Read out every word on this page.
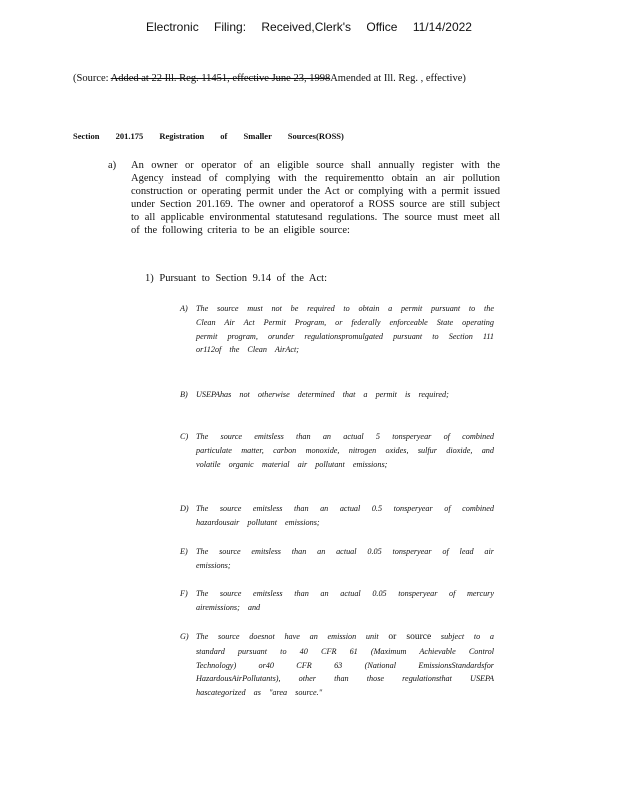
Electronic Filing: Received,Clerk's Office 11/14/2022
(Source: Added at 22 Ill. Reg. 11451, effective June 23, 1998Amended at Ill. Reg. , effective)
Section 201.175 Registration of Smaller Sources(ROSS)
a) An owner or operator of an eligible source shall annually register with the Agency instead of complying with the requirementto obtain an air pollution construction or operating permit under the Act or complying with a permit issued under Section 201.169. The owner and operatorof a ROSS source are still subject to all applicable environmental statutesand regulations. The source must meet all of the following criteria to be an eligible source:
1) Pursuant to Section 9.14 of the Act:
A) The source must not be required to obtain a permit pursuant to the Clean Air Act Permit Program, or federally enforceable State operating permit program, orunder regulationspromulgated pursuant to Section 111 or112of the Clean AirAct;
B) USEPAhas not otherwise determined that a permit is required;
C) The source emitsless than an actual 5 tonsperyear of combined particulate matter, carbon monoxide, nitrogen oxides, sulfur dioxide, and volatile organic material air pollutant emissions;
D) The source emitsless than an actual 0.5 tonsperyear of combined hazardousair pollutant emissions;
E) The source emitsless than an actual 0.05 tonsperyear of lead air emissions;
F) The source emitsless than an actual 0.05 tonsperyear of mercury airemissions; and
G) The source doesnot have an emission unit or source subject to a standard pursuant to 40 CFR 61 (Maximum Achievable Control Technology) or40 CFR 63 (National EmissionsStandardsfor HazardousAirPollutants), other than those regulationsthat USEPA hascategorized as "area source."
